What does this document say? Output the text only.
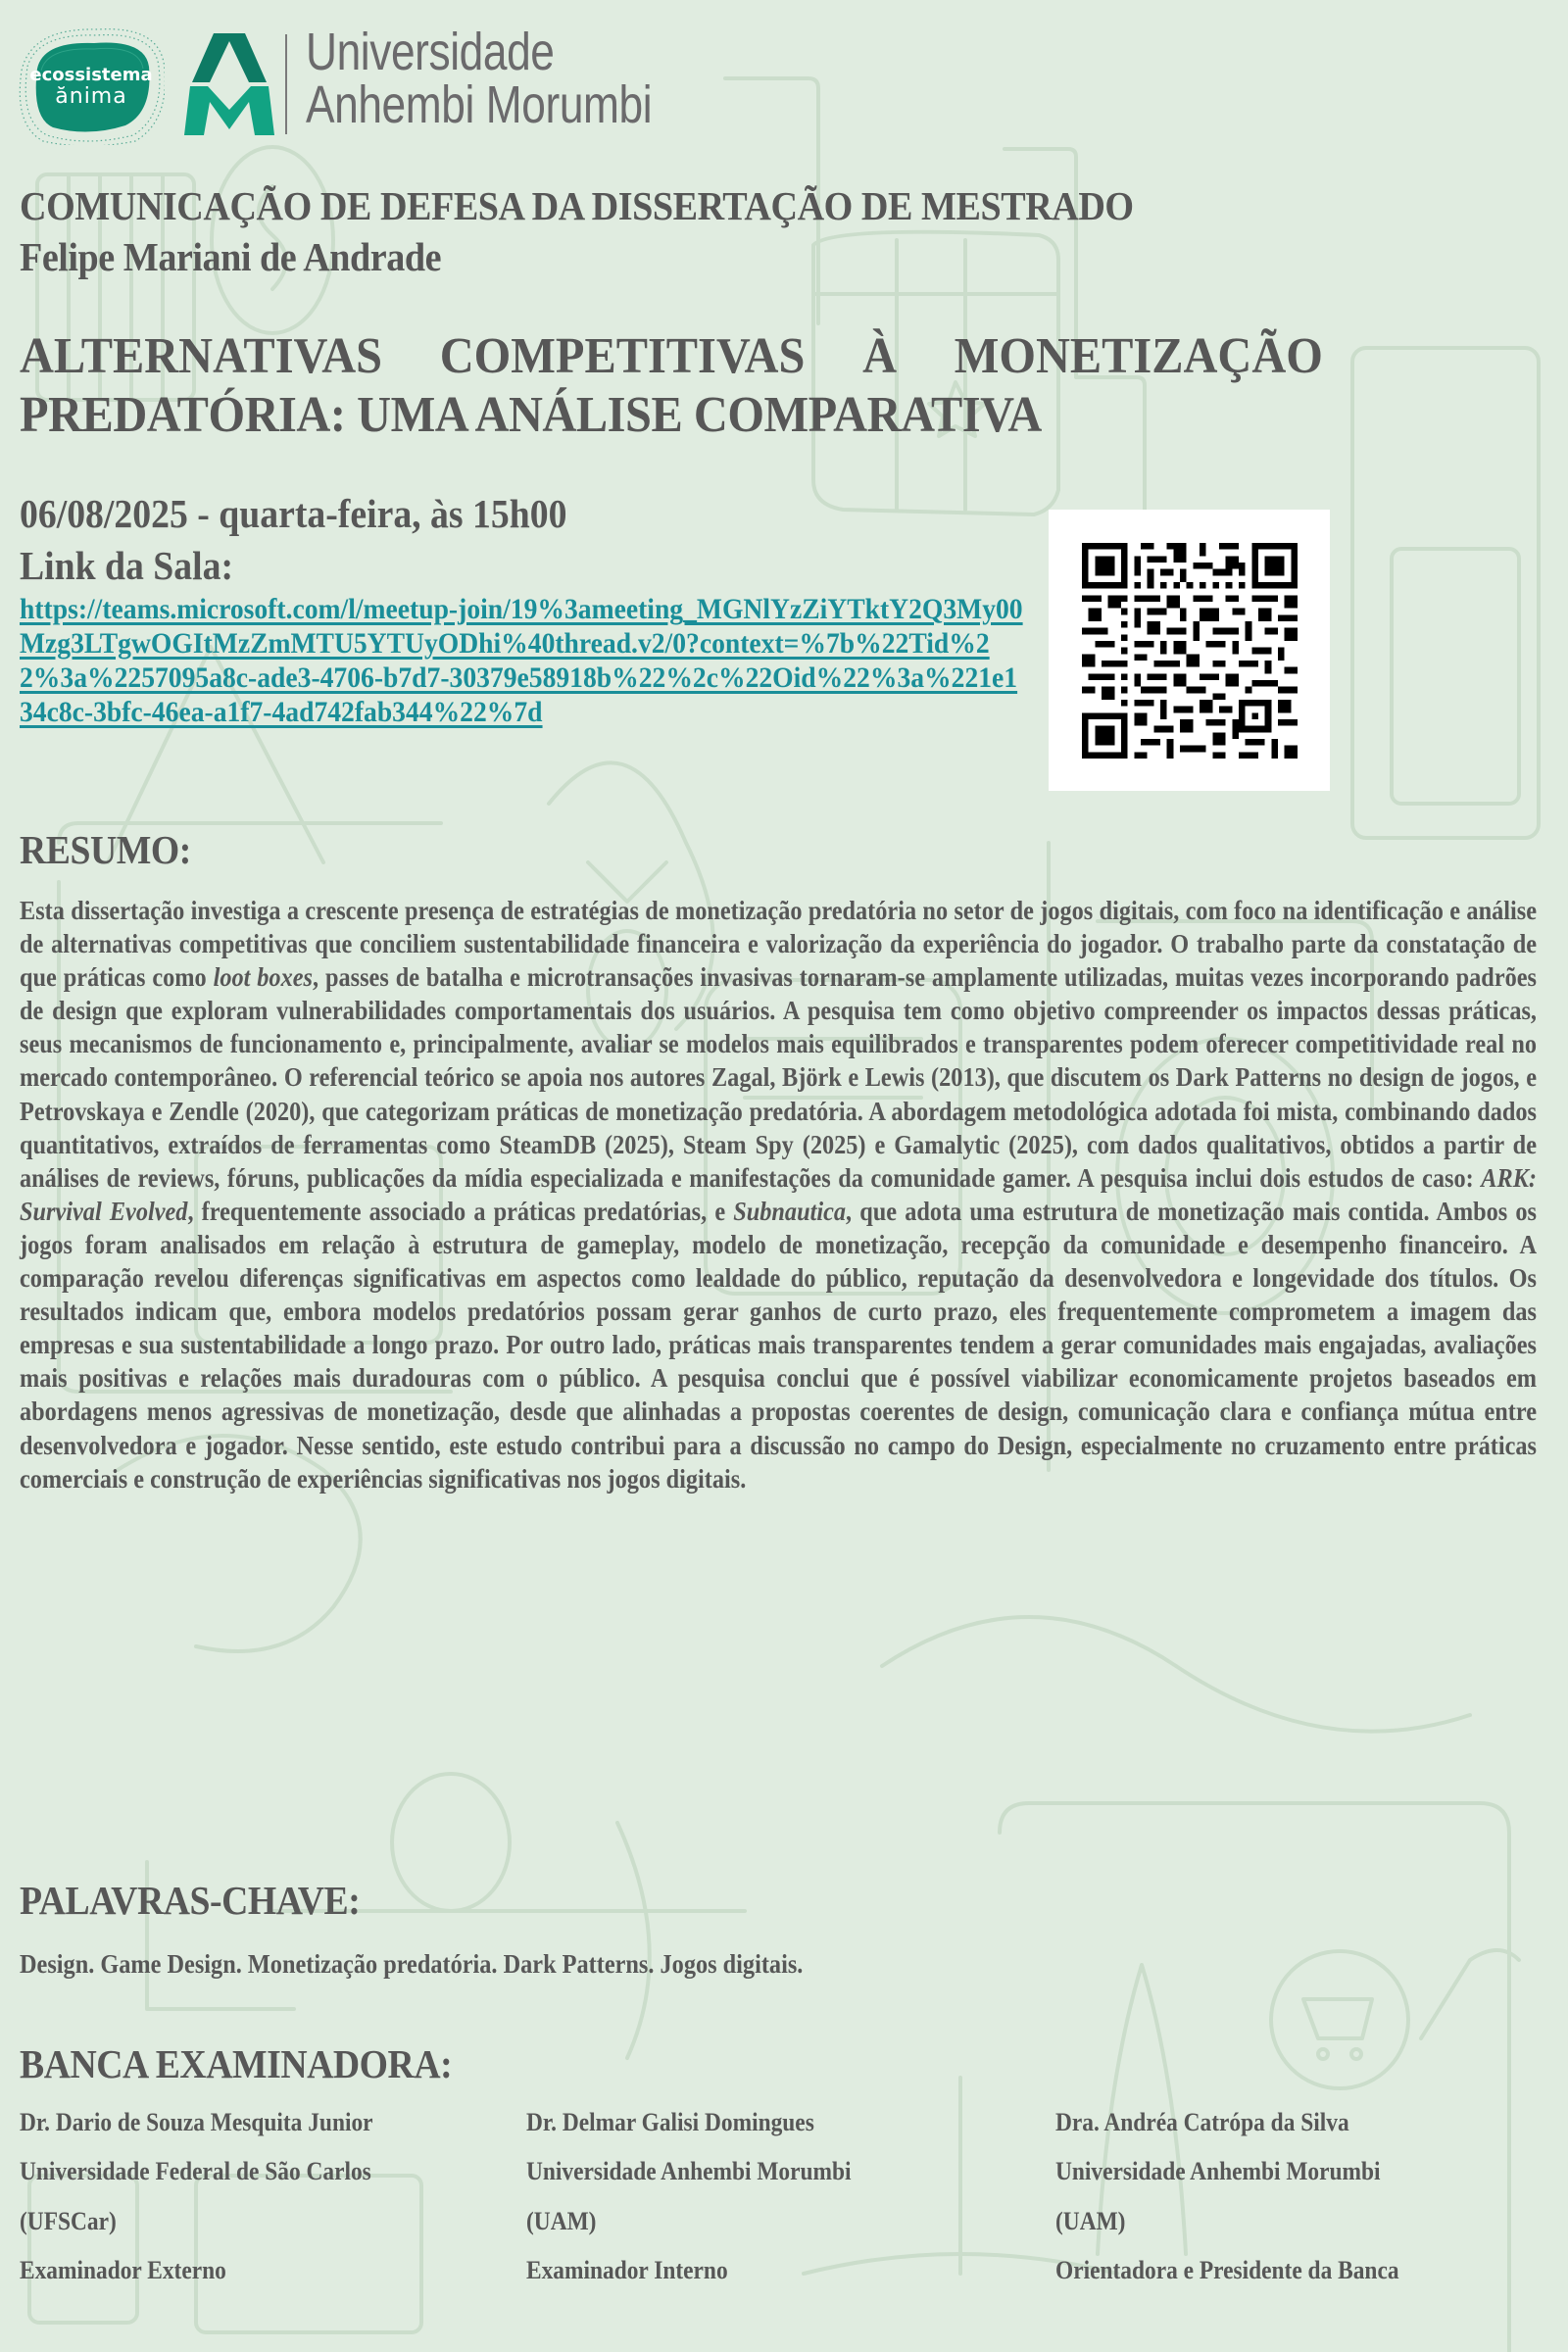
ecossistema
ănima
Universidade
Anhembi Morumbi
COMUNICAÇÃO DE DEFESA DA DISSERTAÇÃO DE MESTRADO
Felipe Mariani de Andrade
ALTERNATIVAS COMPETITIVAS À MONETIZAÇÃO
PREDATÓRIA: UMA ANÁLISE COMPARATIVA
06/08/2025 - quarta-feira, às 15h00
Link da Sala:
https://teams.microsoft.com/l/meetup-join/19%3ameeting_MGNlYzZiYTktY2Q3My00Mzg3LTgwOGItMzZmMTU5YTUyODhi%40thread.v2/0?context=%7b%22Tid%22%3a%2257095a8c-ade3-4706-b7d7-30379e58918b%22%2c%22Oid%22%3a%221e134c8c-3bfc-46ea-a1f7-4ad742fab344%22%7d
RESUMO:

Esta dissertação investiga a crescente presença de estratégias de monetização predatória no setor de jogos digitais, com foco na identificação e análise de alternativas competitivas que conciliem sustentabilidade financeira e valorização da experiência do jogador. O trabalho parte da constatação de que práticas como loot boxes, passes de batalha e microtransações invasivas tornaram-se amplamente utilizadas, muitas vezes incorporando padrões de design que exploram vulnerabilidades comportamentais dos usuários. A pesquisa tem como objetivo compreender os impactos dessas práticas, seus mecanismos de funcionamento e, principalmente, avaliar se modelos mais equilibrados e transparentes podem oferecer competitividade real no mercado contemporâneo. O referencial teórico se apoia nos autores Zagal, Björk e Lewis (2013), que discutem os Dark Patterns no design de jogos, e Petrovskaya e Zendle (2020), que categorizam práticas de monetização predatória. A abordagem metodológica adotada foi mista, combinando dados quantitativos, extraídos de ferramentas como SteamDB (2025), Steam Spy (2025) e Gamalytic (2025), com dados qualitativos, obtidos a partir de análises de reviews, fóruns, publicações da mídia especializada e manifestações da comunidade gamer. A pesquisa inclui dois estudos de caso: ARK: Survival Evolved, frequentemente associado a práticas predatórias, e Subnautica, que adota uma estrutura de monetização mais contida. Ambos os jogos foram analisados em relação à estrutura de gameplay, modelo de monetização, recepção da comunidade e desempenho financeiro. A comparação revelou diferenças significativas em aspectos como lealdade do público, reputação da desenvolvedora e longevidade dos títulos. Os resultados indicam que, embora modelos predatórios possam gerar ganhos de curto prazo, eles frequentemente comprometem a imagem das empresas e sua sustentabilidade a longo prazo. Por outro lado, práticas mais transparentes tendem a gerar comunidades mais engajadas, avaliações mais positivas e relações mais duradouras com o público. A pesquisa conclui que é possível viabilizar economicamente projetos baseados em abordagens menos agressivas de monetização, desde que alinhadas a propostas coerentes de design, comunicação clara e confiança mútua entre desenvolvedora e jogador. Nesse sentido, este estudo contribui para a discussão no campo do Design, especialmente no cruzamento entre práticas comerciais e construção de experiências significativas nos jogos digitais.

PALAVRAS-CHAVE:
Design. Game Design. Monetização predatória. Dark Patterns. Jogos digitais.
BANCA EXAMINADORA:
Dr. Dario de Souza Mesquita Junior
Universidade Federal de São Carlos
(UFSCar)
Examinador Externo
Dr. Delmar Galisi Domingues
Universidade Anhembi Morumbi
(UAM)
Examinador Interno
Dra. Andréa Catrópa da Silva
Universidade Anhembi Morumbi
(UAM)
Orientadora e Presidente da Banca
